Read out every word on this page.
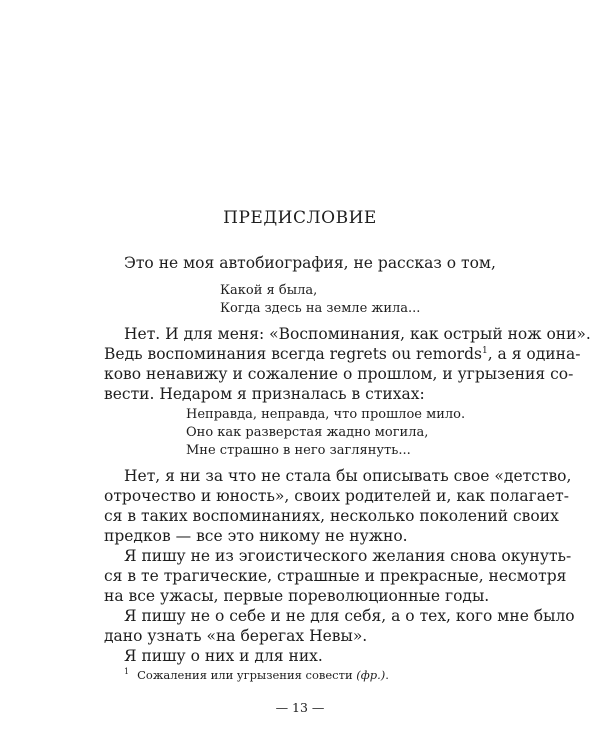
ПРЕДИСЛОВИЕ
Это не моя автобиография, не рассказ о том,
Какой я была,
Когда здесь на земле жила...
Нет. И для меня: «Воспоминания, как острый нож они».
Ведь воспоминания всегда regrets ou remords$^1$, а я одина-
ково ненавижу и сожаление о прошлом, и угрызения со-
вести. Недаром я призналась в стихах:
Неправда, неправда, что прошлое мило.
Оно как разверстая жадно могила,
Мне страшно в него заглянуть...
Нет, я ни за что не стала бы описывать свое «детство,
отрочество и юность», своих родителей и, как полагает-
ся в таких воспоминаниях, несколько поколений своих
предков — все это никому не нужно.
Я пишу не из эгоистического желания снова окунуть-
ся в те трагические, страшные и прекрасные, несмотря
на все ужасы, первые пореволюционные годы.
Я пишу не о себе и не для себя, а о тех, кого мне было
дано узнать «на берегах Невы».
Я пишу о них и для них.
$^1$ Сожаления или угрызения совести (фр.).
— 13 —
